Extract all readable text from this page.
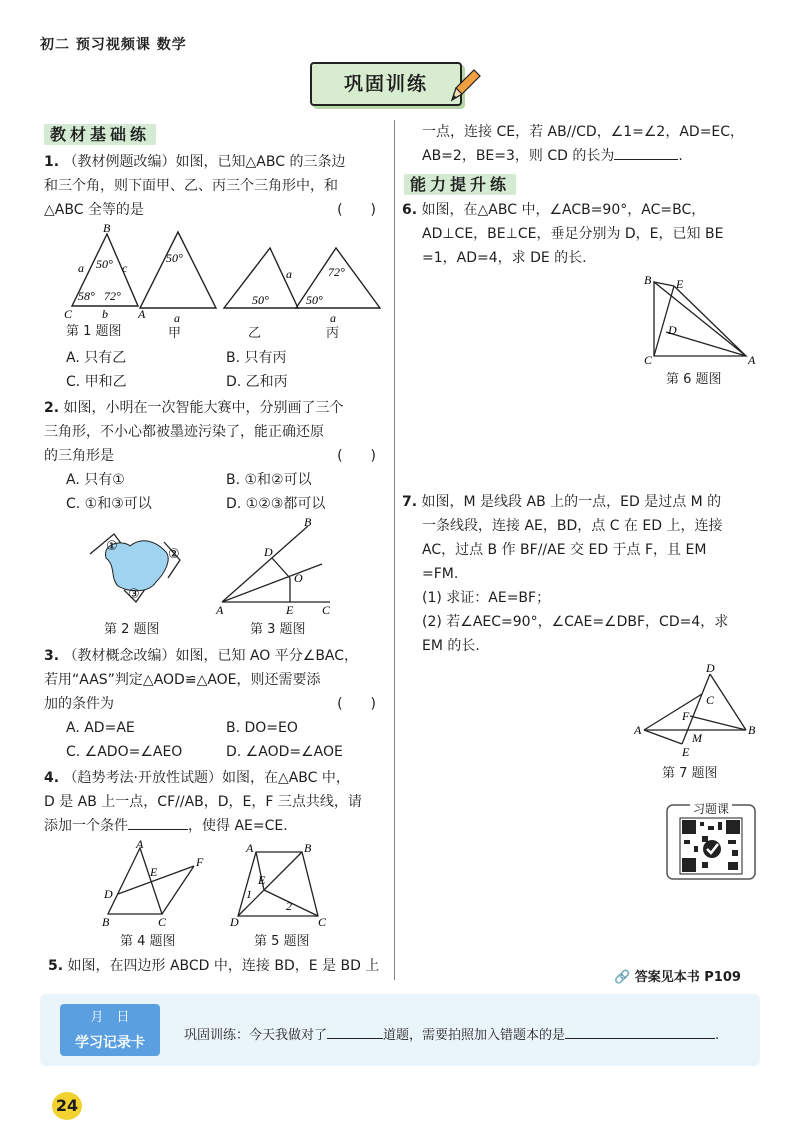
初二 预习视频课 数学
巩固训练
教材基础练
1. （教材例题改编）如图，已知△ABC 的三条边
和三个角，则下面甲、乙、丙三个三角形中，和
△ABC 全等的是	(　　)
B
a 50° c
58° 72°
C b	A
50°
a
a
50°
72°
50°
a
第 1 题图	甲	乙	丙
A. 只有乙	B. 只有丙
C. 甲和乙	D. 乙和丙
2. 如图，小明在一次智能大赛中，分别画了三个
三角形，不小心都被墨迹污染了，能正确还原
的三角形是	(　　)
A. 只有①	B. ①和②可以
C. ①和③可以	D. ①②③都可以
①
②
③
第 2 题图
B
D
O
A	E C
第 3 题图
3. （教材概念改编）如图，已知 AO 平分∠BAC，
若用“AAS”判定△AOD≌△AOE，则还需要添
加的条件为	(　　)
A. AD=AE	B. DO=EO
C. ∠ADO=∠AEO	D. ∠AOD=∠AOE
4. （趋势考法·开放性试题）如图，在△ABC 中，
D 是 AB 上一点，CF//AB，D，E，F 三点共线，请
添加一个条件	，使得 AE=CE.
A
E
F
D
B	C
第 4 题图
A	B
E
1
2
D	C
第 5 题图
5. 如图，在四边形 ABCD 中，连接 BD，E 是 BD 上
一点，连接 CE，若 AB//CD，∠1=∠2，AD=EC，
AB=2，BE=3，则 CD 的长为	.
能力提升练
6. 如图，在△ABC 中，∠ACB=90°，AC=BC，
AD⊥CE，BE⊥CE，垂足分别为 D，E，已知 BE
=1，AD=4，求 DE 的长.
B E
D
C	A
第 6 题图
7. 如图，M 是线段 AB 上的一点，ED 是过点 M 的
一条线段，连接 AE，BD，点 C 在 ED 上，连接
AC，过点 B 作 BF//AE 交 ED 于点 F，且 EM
=FM.
(1) 求证：AE=BF；
(2) 若∠AEC=90°，∠CAE=∠DBF，CD=4，求
EM 的长.
D
C
F
A
M
B
E
第 7 题图
习题课
🔗 答案见本书 P109
月　日
学习记录卡	巩固训练：今天我做对了	道题，需要拍照加入错题本的是	.
24
